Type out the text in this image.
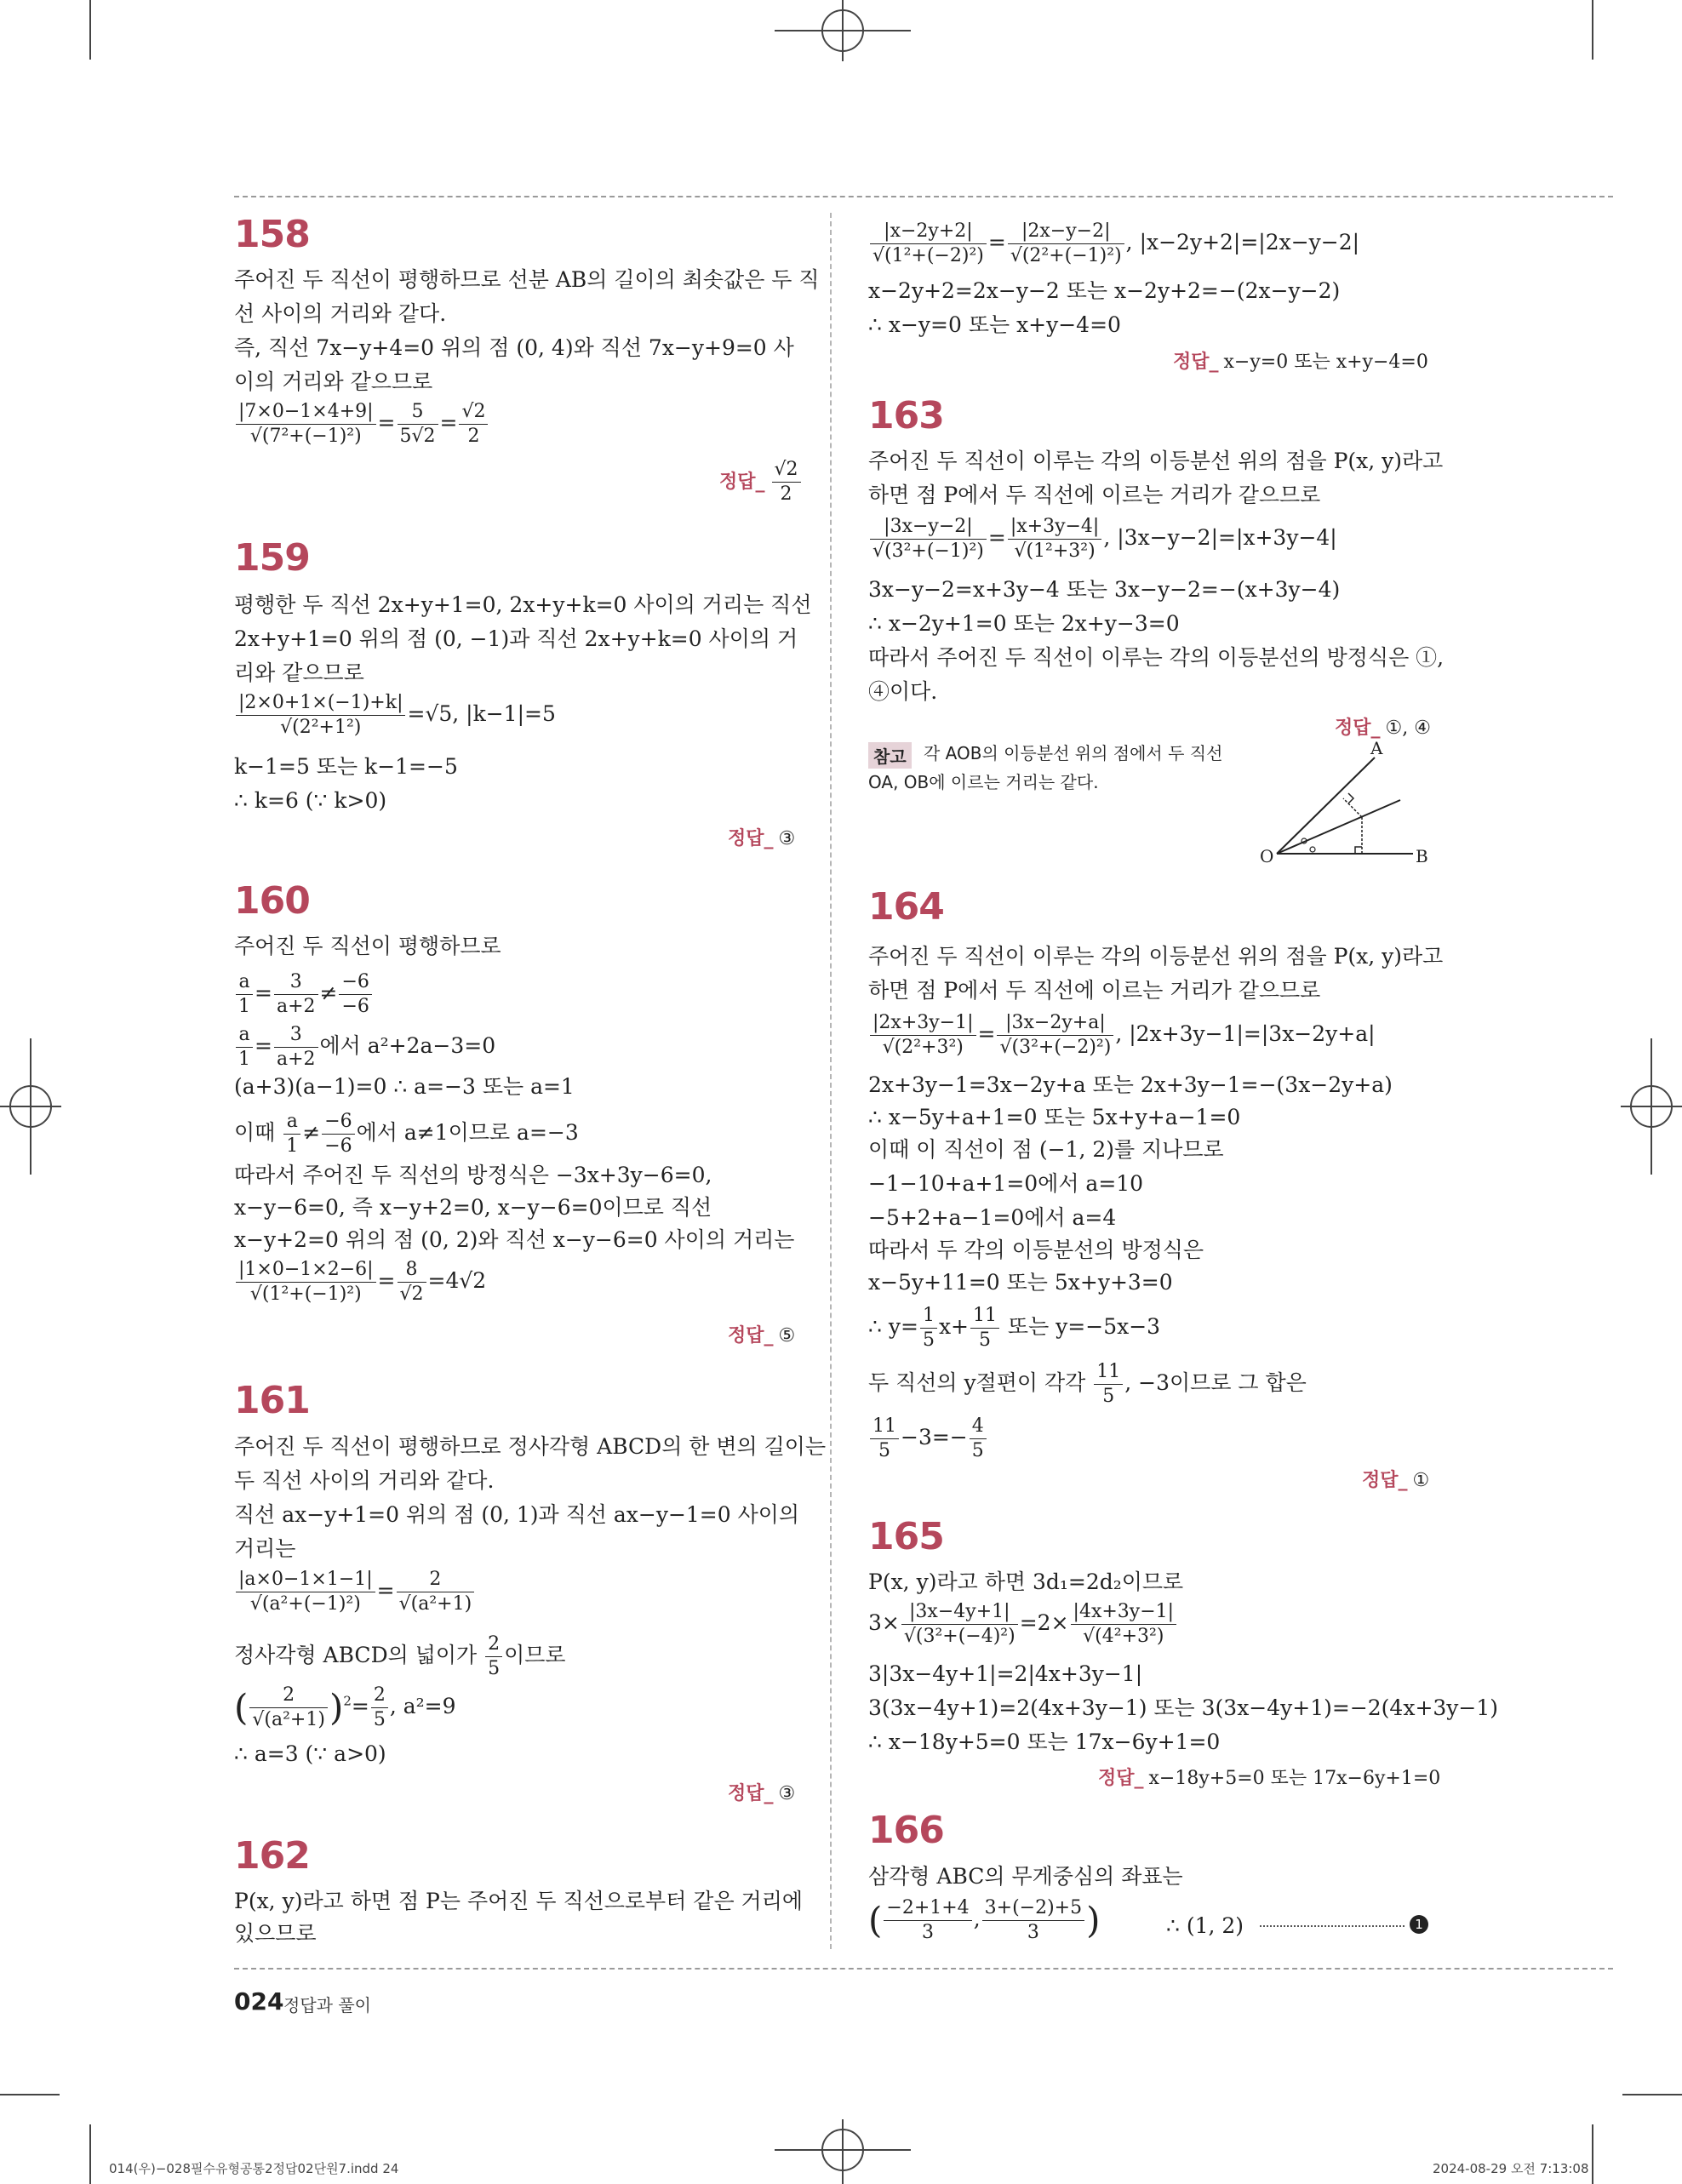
158
주어진 두 직선이 평행하므로 선분 AB의 길이의 최솟값은 두 직
선 사이의 거리와 같다.
즉, 직선 7x−y+4=0 위의 점 (0, 4)와 직선 7x−y+9=0 사
이의 거리와 같으므로
$\frac{|7\times 0-1\times 4+9|}{\text{√(7²+(−1)²)}} = \frac{5}{5√2} = \frac{√2}{2}$
정답_ $\frac{√2}{2}$
159
평행한 두 직선 2x+y+1=0, 2x+y+k=0 사이의 거리는 직선
2x+y+1=0 위의 점 (0, −1)과 직선 2x+y+k=0 사이의 거
리와 같으므로
$\frac{|2\times 0+1\times(-1)+k|}{\text{√(2²+1²)}} =√5$, |k−1|=5
k−1=5 또는 k−1=−5
∴ k=6 (∵ k>0)
정답_ ③
160
주어진 두 직선이 평행하므로
$\frac{a}{1} = \frac{3}{a+2} \ne \frac{-6}{-6}$
$\frac{a}{1} = \frac{3}{a+2}$ 에서 a²+2a−3=0
(a+3)(a−1)=0 ∴ a=−3 또는 a=1
이때 $\frac{a}{1} \ne \frac{-6}{-6}$ 에서 a≠1이므로 a=−3
따라서 주어진 두 직선의 방정식은 −3x+3y−6=0,
x−y−6=0, 즉 x−y+2=0, x−y−6=0이므로 직선
x−y+2=0 위의 점 (0, 2)와 직선 x−y−6=0 사이의 거리는
$\frac{|1\times 0-1\times 2-6|}{\text{√(1²+(−1)²)}} = \frac{8}{√2} =4√2$
정답_ ⑤
161
주어진 두 직선이 평행하므로 정사각형 ABCD의 한 변의 길이는
두 직선 사이의 거리와 같다.
직선 ax−y+1=0 위의 점 (0, 1)과 직선 ax−y−1=0 사이의
거리는
$\frac{|a\times 0-1\times 1-1|}{\text{√(a²+(−1)²)}} = \frac{2}{\text{√(a²+1)}}$
정사각형 ABCD의 넓이가 $\frac{2}{5}$ 이므로
( $\frac{2}{\text{√(a²+1)}} )^2= \frac{2}{5}$ , a²=9
∴ a=3 (∵ a>0)
정답_ ③
162
P(x, y)라고 하면 점 P는 주어진 두 직선으로부터 같은 거리에
있으므로
$\frac{|x-2y+2|}{\text{√(1²+(−2)²)}} = \frac{|2x-y-2|}{\text{√(2²+(−1)²)}}$ , |x−2y+2|=|2x−y−2|
x−2y+2=2x−y−2 또는 x−2y+2=−(2x−y−2)
∴ x−y=0 또는 x+y−4=0
정답_ x−y=0 또는 x+y−4=0
163
주어진 두 직선이 이루는 각의 이등분선 위의 점을 P(x, y)라고
하면 점 P에서 두 직선에 이르는 거리가 같으므로
$\frac{|3x-y-2|}{\text{√(3²+(−1)²)}} = \frac{|x+3y-4|}{\text{√(1²+3²)}}$ , |3x−y−2|=|x+3y−4|
3x−y−2=x+3y−4 또는 3x−y−2=−(x+3y−4)
∴ x−2y+1=0 또는 2x+y−3=0
따라서 주어진 두 직선이 이루는 각의 이등분선의 방정식은 ①,
④이다.
정답_ ①, ④
참고	각 AOB의 이등분선 위의 점에서 두 직선
OA, OB에 이르는 거리는 같다.
A
O	B
164
주어진 두 직선이 이루는 각의 이등분선 위의 점을 P(x, y)라고
하면 점 P에서 두 직선에 이르는 거리가 같으므로
$\frac{|2x+3y-1|}{\text{√(2²+3²)}} = \frac{|3x-2y+a|}{\text{√(3²+(−2)²)}}$ , |2x+3y−1|=|3x−2y+a|
2x+3y−1=3x−2y+a 또는 2x+3y−1=−(3x−2y+a)
∴ x−5y+a+1=0 또는 5x+y+a−1=0
이때 이 직선이 점 (−1, 2)를 지나므로
−1−10+a+1=0에서 a=10
−5+2+a−1=0에서 a=4
따라서 두 각의 이등분선의 방정식은
x−5y+11=0 또는 5x+y+3=0
∴ $y= \frac{1}{5} x+ \frac{11}{5}$ 또는 y=−5x−3
두 직선의 y절편이 각각 $\frac{11}{5}$ , −3이므로 그 합은
$\frac{11}{5} -3=- \frac{4}{5}$
정답_ ①
165
P(x, y)라고 하면 3d₁=2d₂이므로
$3\times \frac{|3x-4y+1|}{\text{√(3²+(−4)²)}} =2\times \frac{|4x+3y-1|}{\text{√(4²+3²)}}$
3|3x−4y+1|=2|4x+3y−1|
3(3x−4y+1)=2(4x+3y−1) 또는 3(3x−4y+1)=−2(4x+3y−1)
∴ x−18y+5=0 또는 17x−6y+1=0
정답_ x−18y+5=0 또는 17x−6y+1=0
166
삼각형 ABC의 무게중심의 좌표는
( $\frac{-2+1+4}{3}$ , $\frac{3+(-2)+5}{3}$ )	∴ (1, 2)	1
024 정답과 풀이
014(우)−028필수유형공통2정답02단원7.indd 24	2024-08-29 오전 7:13:08
